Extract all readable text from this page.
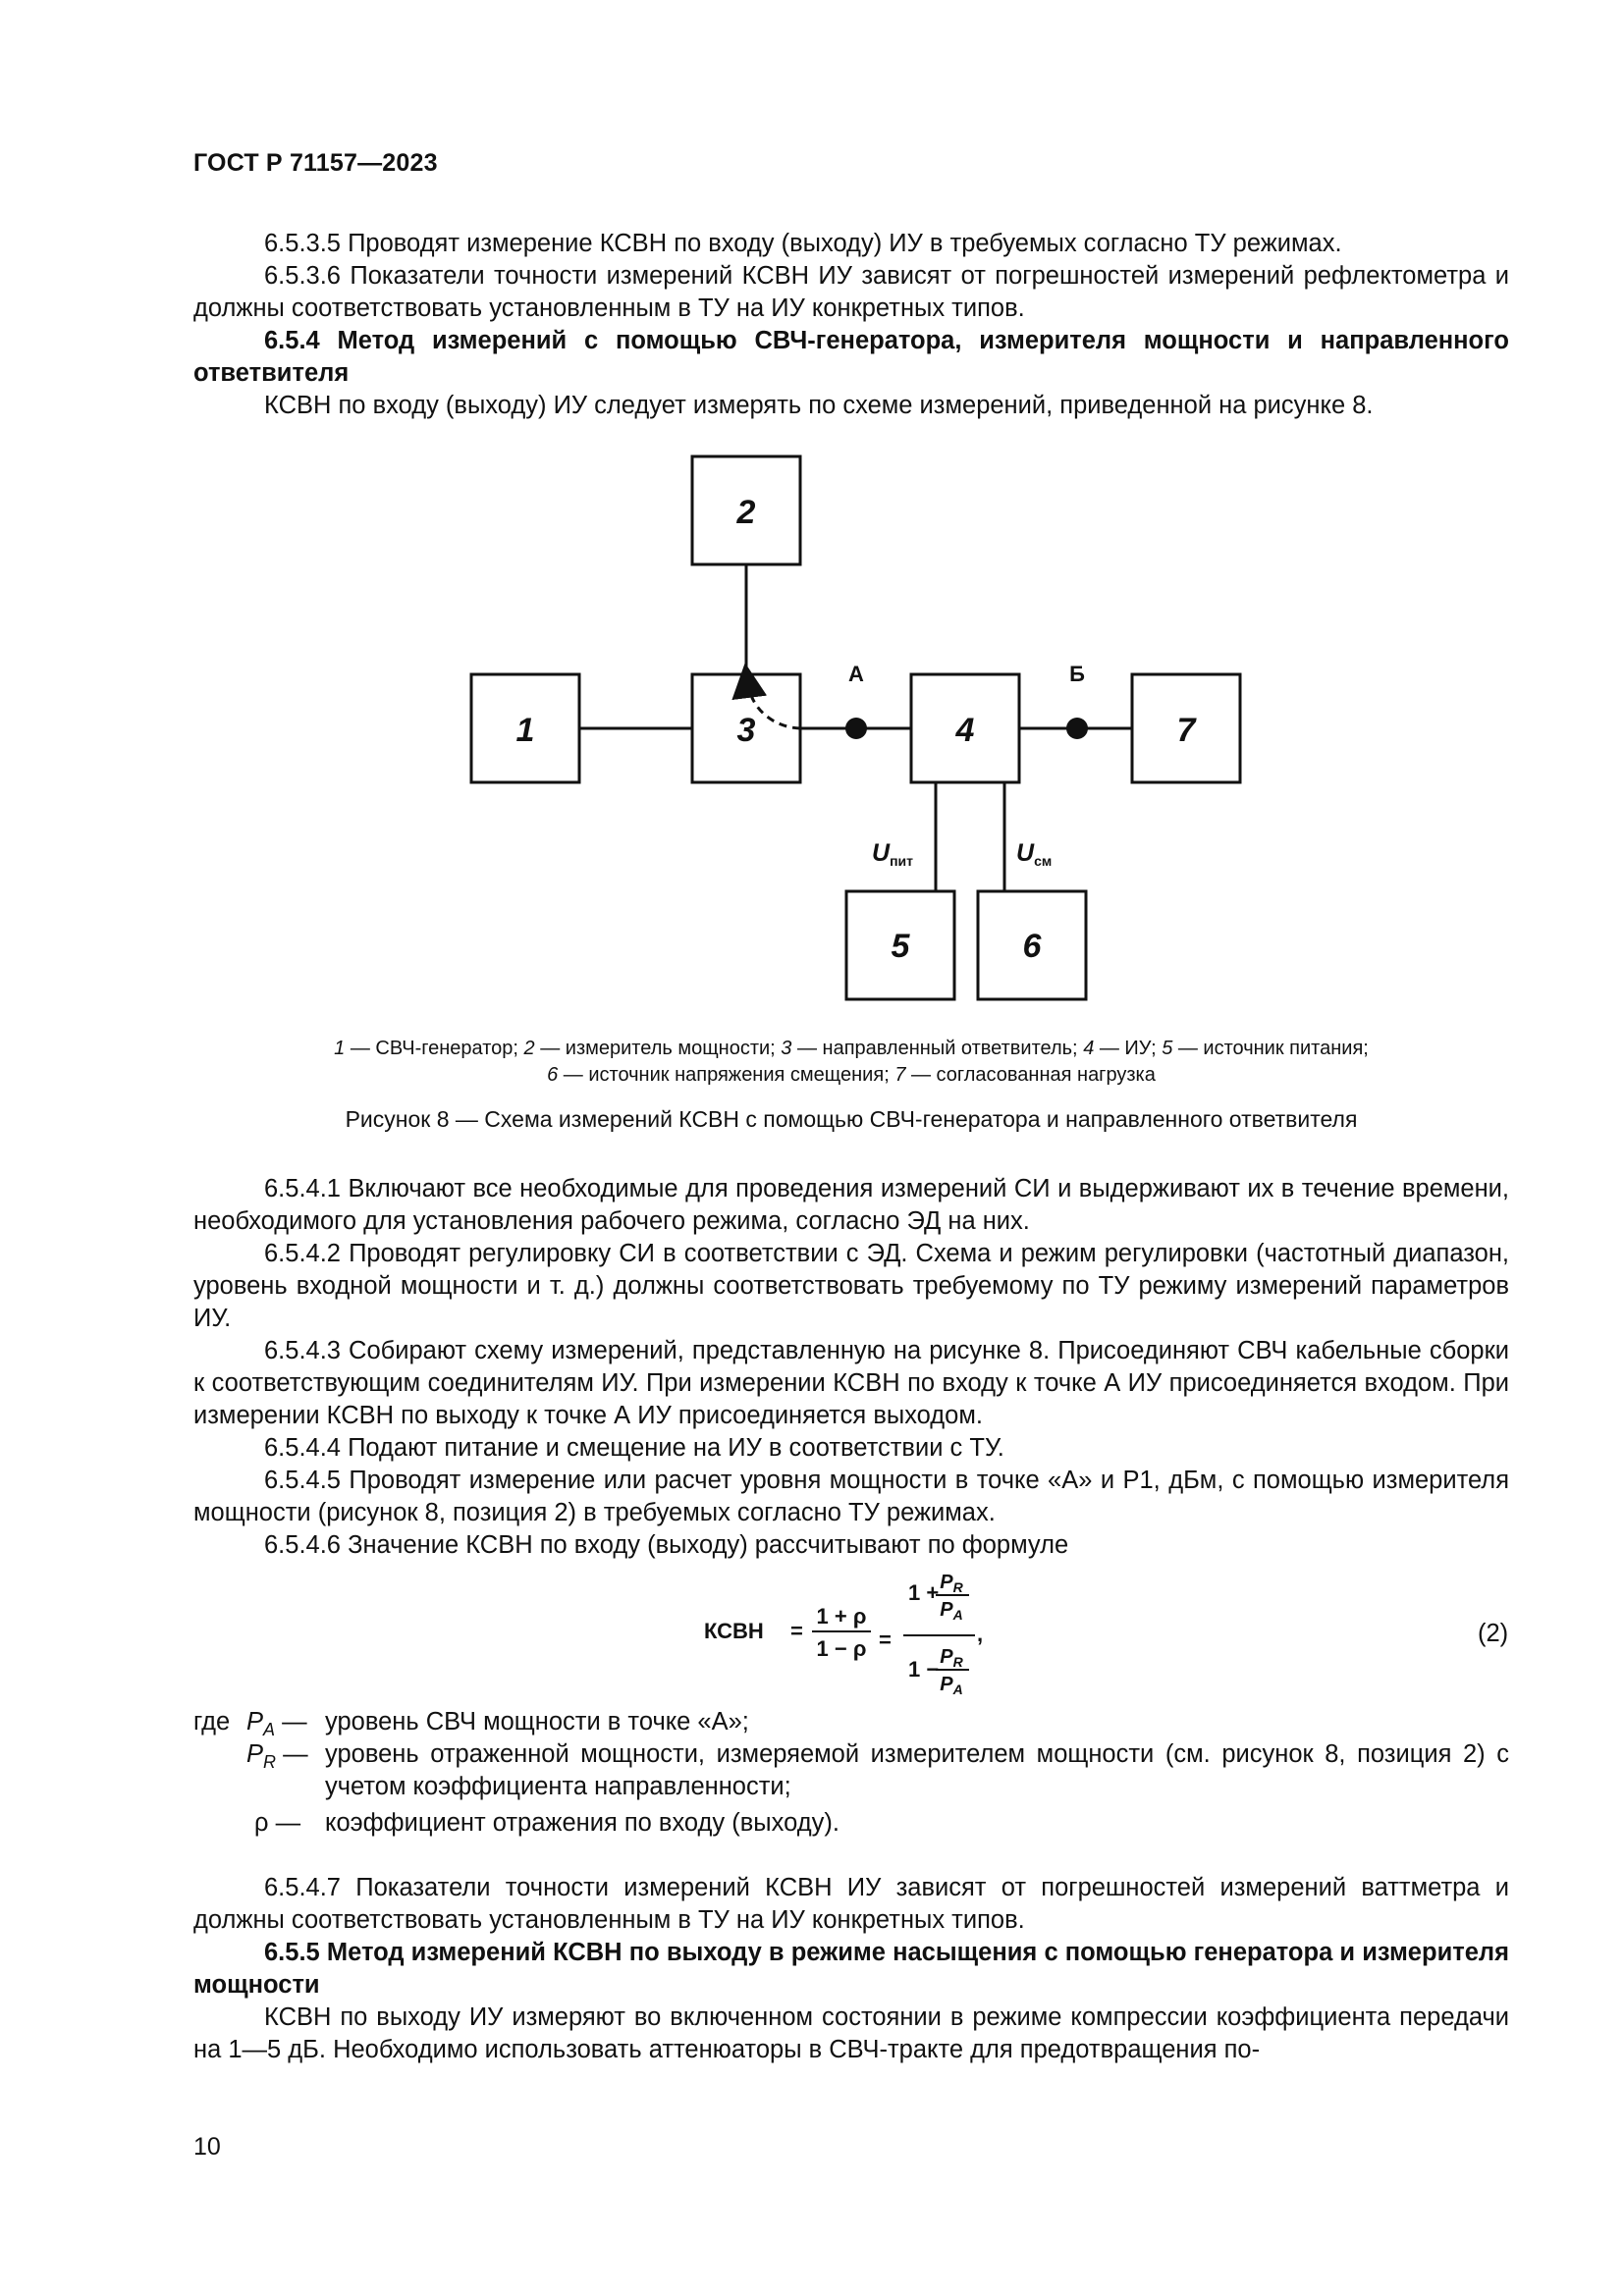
ГОСТ Р 71157—2023

6.5.3.5 Проводят измерение КСВН по входу (выходу) ИУ в требуемых согласно ТУ режимах.

6.5.3.6 Показатели точности измерений КСВН ИУ зависят от погрешностей измерений рефлектометра и должны соответствовать установленным в ТУ на ИУ конкретных типов.

6.5.4 Метод измерений с помощью СВЧ-генератора, измерителя мощности и направленного ответвителя

КСВН по входу (выходу) ИУ следует измерять по схеме измерений, приведенной на рисунке 8.

1
2
3	4
5	6
7
А	Б
Uпит	Uсм
1 — СВЧ-генератор; 2 — измеритель мощности; 3 — направленный ответвитель; 4 — ИУ; 5 — источник питания;
6 — источник напряжения смещения; 7 — согласованная нагрузка
Рисунок 8 — Схема измерений КСВН с помощью СВЧ-генератора и направленного ответвителя

6.5.4.1 Включают все необходимые для проведения измерений СИ и выдерживают их в течение времени, необходимого для установления рабочего режима, согласно ЭД на них.

6.5.4.2 Проводят регулировку СИ в соответствии с ЭД. Схема и режим регулировки (частотный диапазон, уровень входной мощности и т. д.) должны соответствовать требуемому по ТУ режиму измерений параметров ИУ.

6.5.4.3 Собирают схему измерений, представленную на рисунке 8. Присоединяют СВЧ кабельные сборки к соответствующим соединителям ИУ. При измерении КСВН по входу к точке А ИУ присоединяется входом. При измерении КСВН по выходу к точке А ИУ присоединяется выходом.

6.5.4.4 Подают питание и смещение на ИУ в соответствии с ТУ.

6.5.4.5 Проводят измерение или расчет уровня мощности в точке «А» и Р1, дБм, с помощью измерителя мощности (рисунок 8, позиция 2) в требуемых согласно ТУ режимах.

6.5.4.6 Значение КСВН по входу (выходу) рассчитывают по формуле

КСВН =
1 + ρ
1 − ρ =
$1 + P_R$
$P_A$
$1 - P_R$
$P_A$
,	(2)
где $P_A$ — уровень СВЧ мощности в точке «А»;
$P_R$ — уровень отраженной мощности, измеряемой измерителем мощности (см. рисунок 8, позиция 2) с учетом коэффициента направленности;
ρ — коэффициент отражения по входу (выходу).

6.5.4.7 Показатели точности измерений КСВН ИУ зависят от погрешностей измерений ваттметра и должны соответствовать установленным в ТУ на ИУ конкретных типов.

6.5.5 Метод измерений КСВН по выходу в режиме насыщения с помощью генератора и измерителя мощности

КСВН по выходу ИУ измеряют во включенном состоянии в режиме компрессии коэффициента передачи на 1—5 дБ. Необходимо использовать аттенюаторы в СВЧ-тракте для предотвращения по-

10
